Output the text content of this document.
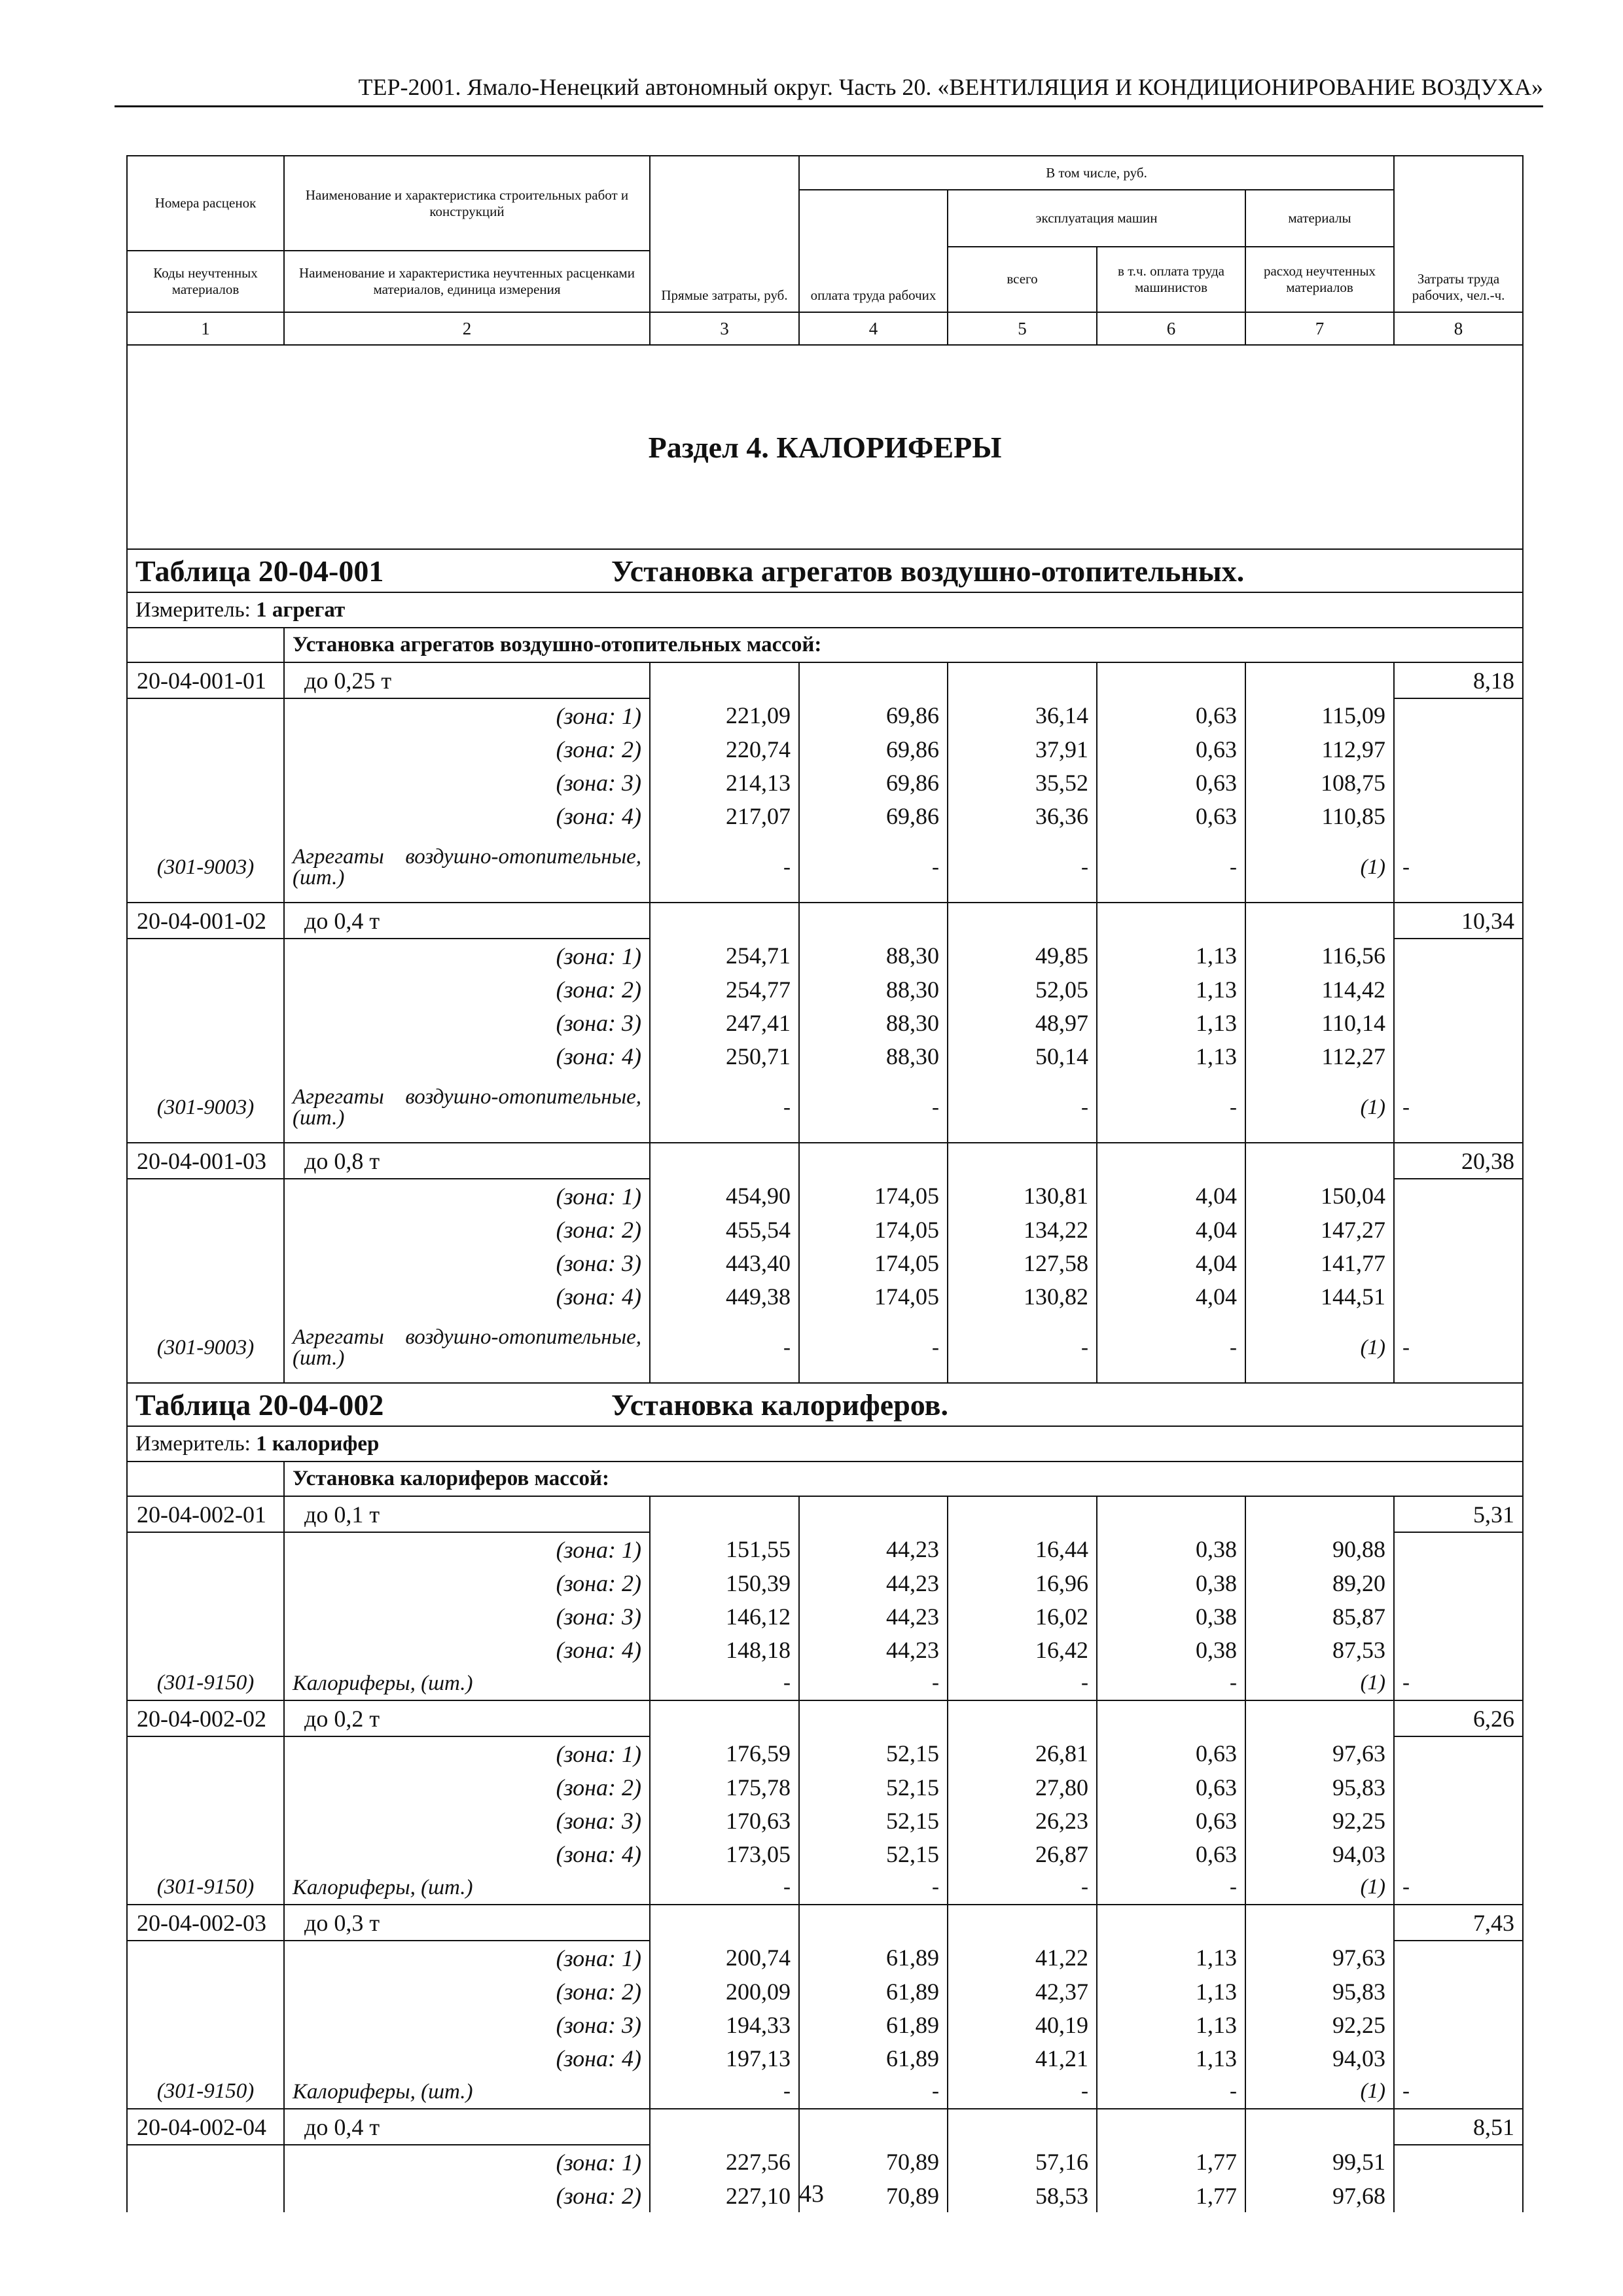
ТЕР-2001. Ямало-Ненецкий автономный округ. Часть 20. «ВЕНТИЛЯЦИЯ И КОНДИЦИОНИРОВАНИЕ ВОЗДУХА»
Номера расценок	Наименование и характеристика строительных работ и конструкций	Прямые затраты, руб.	В том числе, руб.				Затраты труда рабочих, чел.-ч.
			оплата труда рабочих	эксплуатация машин		материалы	
				всего	в т.ч. оплата труда машинистов	расход неучтенных материалов	
Коды неучтенных материалов	Наименование и характеристика неучтенных расценками материалов, единица измерения						
1	2	3	4	5	6	7	8
Раздел 4. КАЛОРИФЕРЫ							
Таблица 20-04-001 Установка агрегатов воздушно-отопительных.							
Измеритель: 1 агрегат							
	Установка агрегатов воздушно-отопительных массой:						
20-04-001-01	до 0,25 т						8,18
	(зона: 1)	221,09	69,86	36,14	0,63	115,09	
	(зона: 2)	220,74	69,86	37,91	0,63	112,97	
	(зона: 3)	214,13	69,86	35,52	0,63	108,75	
	(зона: 4)	217,07	69,86	36,36	0,63	110,85	
(301-9003)	Агрегаты воздушно-отопительные, (шт.)	-	-	-	-	(1)	-
20-04-001-02	до 0,4 т						10,34
	(зона: 1)	254,71	88,30	49,85	1,13	116,56	
	(зона: 2)	254,77	88,30	52,05	1,13	114,42	
	(зона: 3)	247,41	88,30	48,97	1,13	110,14	
	(зона: 4)	250,71	88,30	50,14	1,13	112,27	
(301-9003)	Агрегаты воздушно-отопительные, (шт.)	-	-	-	-	(1)	-
20-04-001-03	до 0,8 т						20,38
	(зона: 1)	454,90	174,05	130,81	4,04	150,04	
	(зона: 2)	455,54	174,05	134,22	4,04	147,27	
	(зона: 3)	443,40	174,05	127,58	4,04	141,77	
	(зона: 4)	449,38	174,05	130,82	4,04	144,51	
(301-9003)	Агрегаты воздушно-отопительные, (шт.)	-	-	-	-	(1)	-
Таблица 20-04-002 Установка калориферов.							
Измеритель: 1 калорифер							
	Установка калориферов массой:						
20-04-002-01	до 0,1 т						5,31
	(зона: 1)	151,55	44,23	16,44	0,38	90,88	
	(зона: 2)	150,39	44,23	16,96	0,38	89,20	
	(зона: 3)	146,12	44,23	16,02	0,38	85,87	
	(зона: 4)	148,18	44,23	16,42	0,38	87,53	
(301-9150)	Калориферы, (шт.)	-	-	-	-	(1)	-
20-04-002-02	до 0,2 т						6,26
	(зона: 1)	176,59	52,15	26,81	0,63	97,63	
	(зона: 2)	175,78	52,15	27,80	0,63	95,83	
	(зона: 3)	170,63	52,15	26,23	0,63	92,25	
	(зона: 4)	173,05	52,15	26,87	0,63	94,03	
(301-9150)	Калориферы, (шт.)	-	-	-	-	(1)	-
20-04-002-03	до 0,3 т						7,43
	(зона: 1)	200,74	61,89	41,22	1,13	97,63	
	(зона: 2)	200,09	61,89	42,37	1,13	95,83	
	(зона: 3)	194,33	61,89	40,19	1,13	92,25	
	(зона: 4)	197,13	61,89	41,21	1,13	94,03	
(301-9150)	Калориферы, (шт.)	-	-	-	-	(1)	-
20-04-002-04	до 0,4 т						8,51
	(зона: 1)	227,56	70,89	57,16	1,77	99,51	
	(зона: 2)	227,10	70,89	58,53	1,77	97,68	
43
